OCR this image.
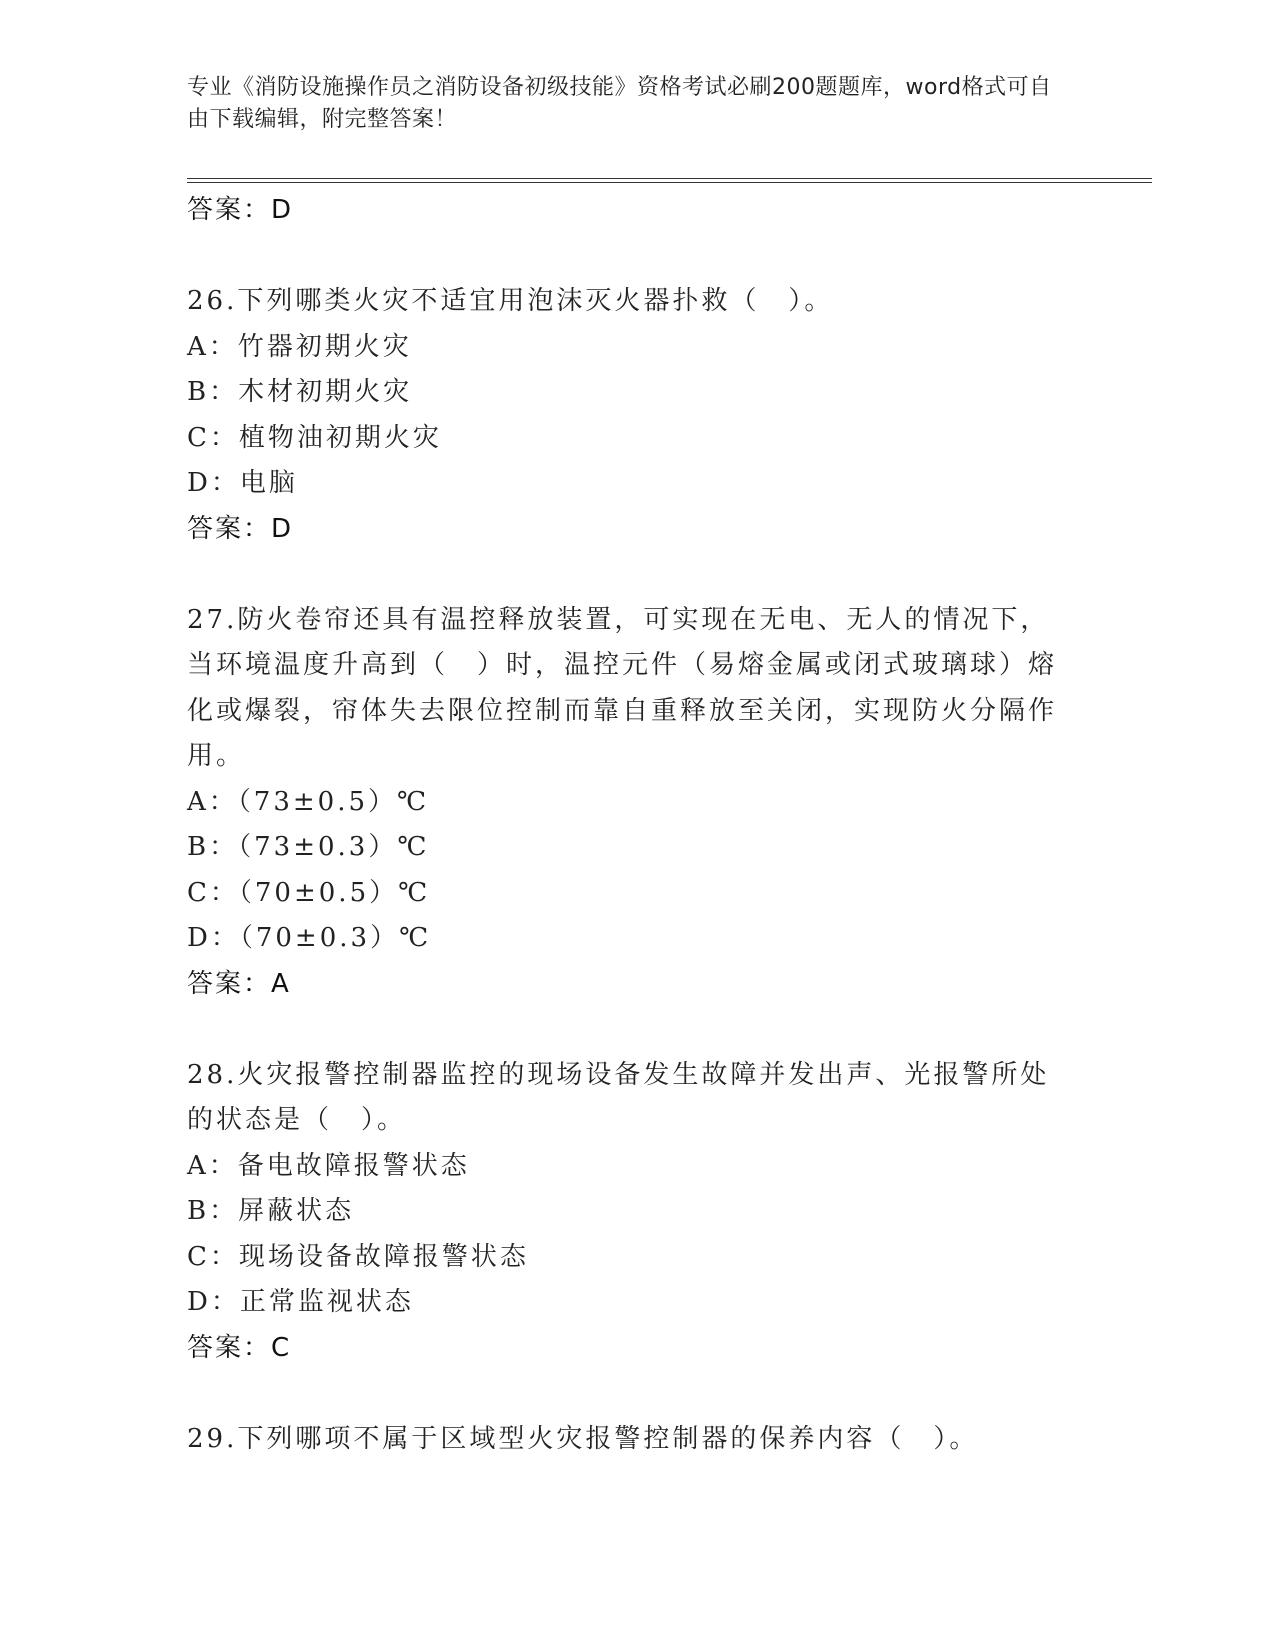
专业《消防设施操作员之消防设备初级技能》资格考试必刷200题题库，word格式可自由下载编辑，附完整答案！
答案：D
26.下列哪类火灾不适宜用泡沫灭火器扑救（　）。
A：竹器初期火灾
B：木材初期火灾
C：植物油初期火灾
D：电脑
答案：D
27.防火卷帘还具有温控释放装置，可实现在无电、无人的情况下，当环境温度升高到（　）时，温控元件（易熔金属或闭式玻璃球）熔化或爆裂，帘体失去限位控制而靠自重释放至关闭，实现防火分隔作用。
A：（73±0.5）℃
B：（73±0.3）℃
C：（70±0.5）℃
D：（70±0.3）℃
答案：A
28.火灾报警控制器监控的现场设备发生故障并发出声、光报警所处的状态是（　）。
A：备电故障报警状态
B：屏蔽状态
C：现场设备故障报警状态
D：正常监视状态
答案：C
29.下列哪项不属于区域型火灾报警控制器的保养内容（　）。
